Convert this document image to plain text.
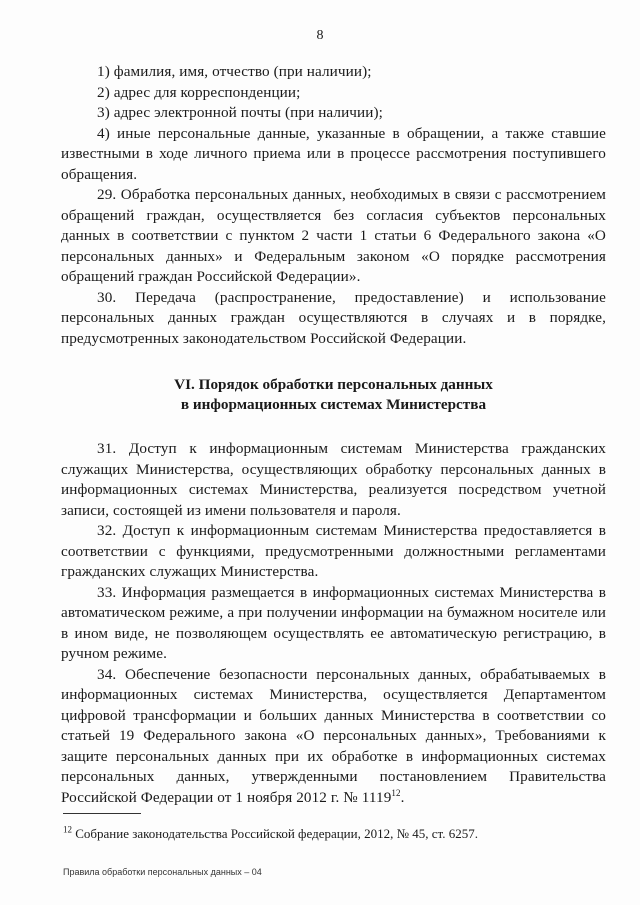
8

1) фамилия, имя, отчество (при наличии);

2) адрес для корреспонденции;

3) адрес электронной почты (при наличии);

4) иные персональные данные, указанные в обращении, а также ставшие известными в ходе личного приема или в процессе рассмотрения поступившего обращения.

29. Обработка персональных данных, необходимых в связи с рассмотрением обращений граждан, осуществляется без согласия субъектов персональных данных в соответствии с пунктом 2 части 1 статьи 6 Федерального закона «О персональных данных» и Федеральным законом «О порядке рассмотрения обращений граждан Российской Федерации».

30. Передача (распространение, предоставление) и использование персональных данных граждан осуществляются в случаях и в порядке, предусмотренных законодательством Российской Федерации.

VI. Порядок обработки персональных данных
в информационных системах Министерства

31. Доступ к информационным системам Министерства гражданских служащих Министерства, осуществляющих обработку персональных данных в информационных системах Министерства, реализуется посредством учетной записи, состоящей из имени пользователя и пароля.

32. Доступ к информационным системам Министерства предоставляется в соответствии с функциями, предусмотренными должностными регламентами гражданских служащих Министерства.

33. Информация размещается в информационных системах Министерства в автоматическом режиме, а при получении информации на бумажном носителе или в ином виде, не позволяющем осуществлять ее автоматическую регистрацию, в ручном режиме.

34. Обеспечение безопасности персональных данных, обрабатываемых в информационных системах Министерства, осуществляется Департаментом цифровой трансформации и больших данных Министерства в соответствии со статьей 19 Федерального закона «О персональных данных», Требованиями к защите персональных данных при их обработке в информационных системах персональных данных, утвержденными постановлением Правительства Российской Федерации от 1 ноября 2012 г. № 1119$^{12}$.

$^{12}$ Собрание законодательства Российской федерации, 2012, № 45, ст. 6257.
Правила обработки персональных данных – 04
